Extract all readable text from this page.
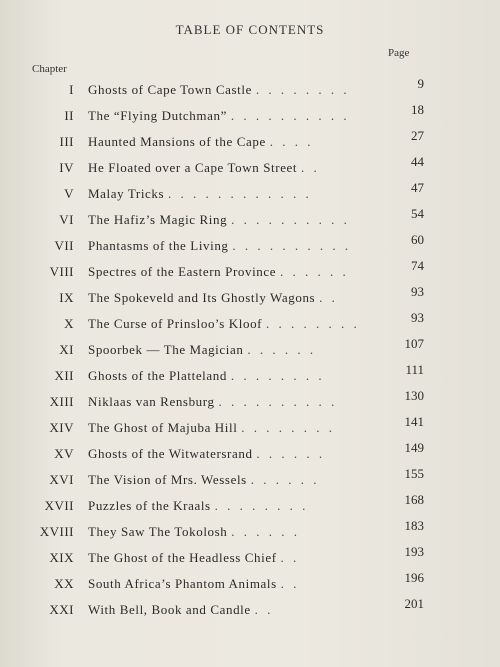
TABLE OF CONTENTS
Page
Chapter
I Ghosts of Cape Town Castle . . . . . . . .	9
II The “Flying Dutchman” . . . . . . . . . .	18
III Haunted Mansions of the Cape . . . .	27
IV He Floated over a Cape Town Street . .	44
V Malay Tricks . . . . . . . . . . . .	47
VI The Hafiz’s Magic Ring . . . . . . . . . .	54
VII Phantasms of the Living . . . . . . . . . .	60
VIII Spectres of the Eastern Province . . . . . .	74
IX The Spokeveld and Its Ghostly Wagons . .	93
X The Curse of Prinsloo’s Kloof . . . . . . . .	93
XI Spoorbek — The Magician . . . . . .	107
XII Ghosts of the Platteland . . . . . . . .	111
XIII Niklaas van Rensburg . . . . . . . . . .	130
XIV The Ghost of Majuba Hill . . . . . . . .	141
XV Ghosts of the Witwatersrand . . . . . .	149
XVI The Vision of Mrs. Wessels . . . . . .	155
XVII Puzzles of the Kraals . . . . . . . .	168
XVIII They Saw The Tokolosh . . . . . .	183
XIX The Ghost of the Headless Chief . .	193
XX South Africa’s Phantom Animals . .	196
XXI With Bell, Book and Candle . .	201
